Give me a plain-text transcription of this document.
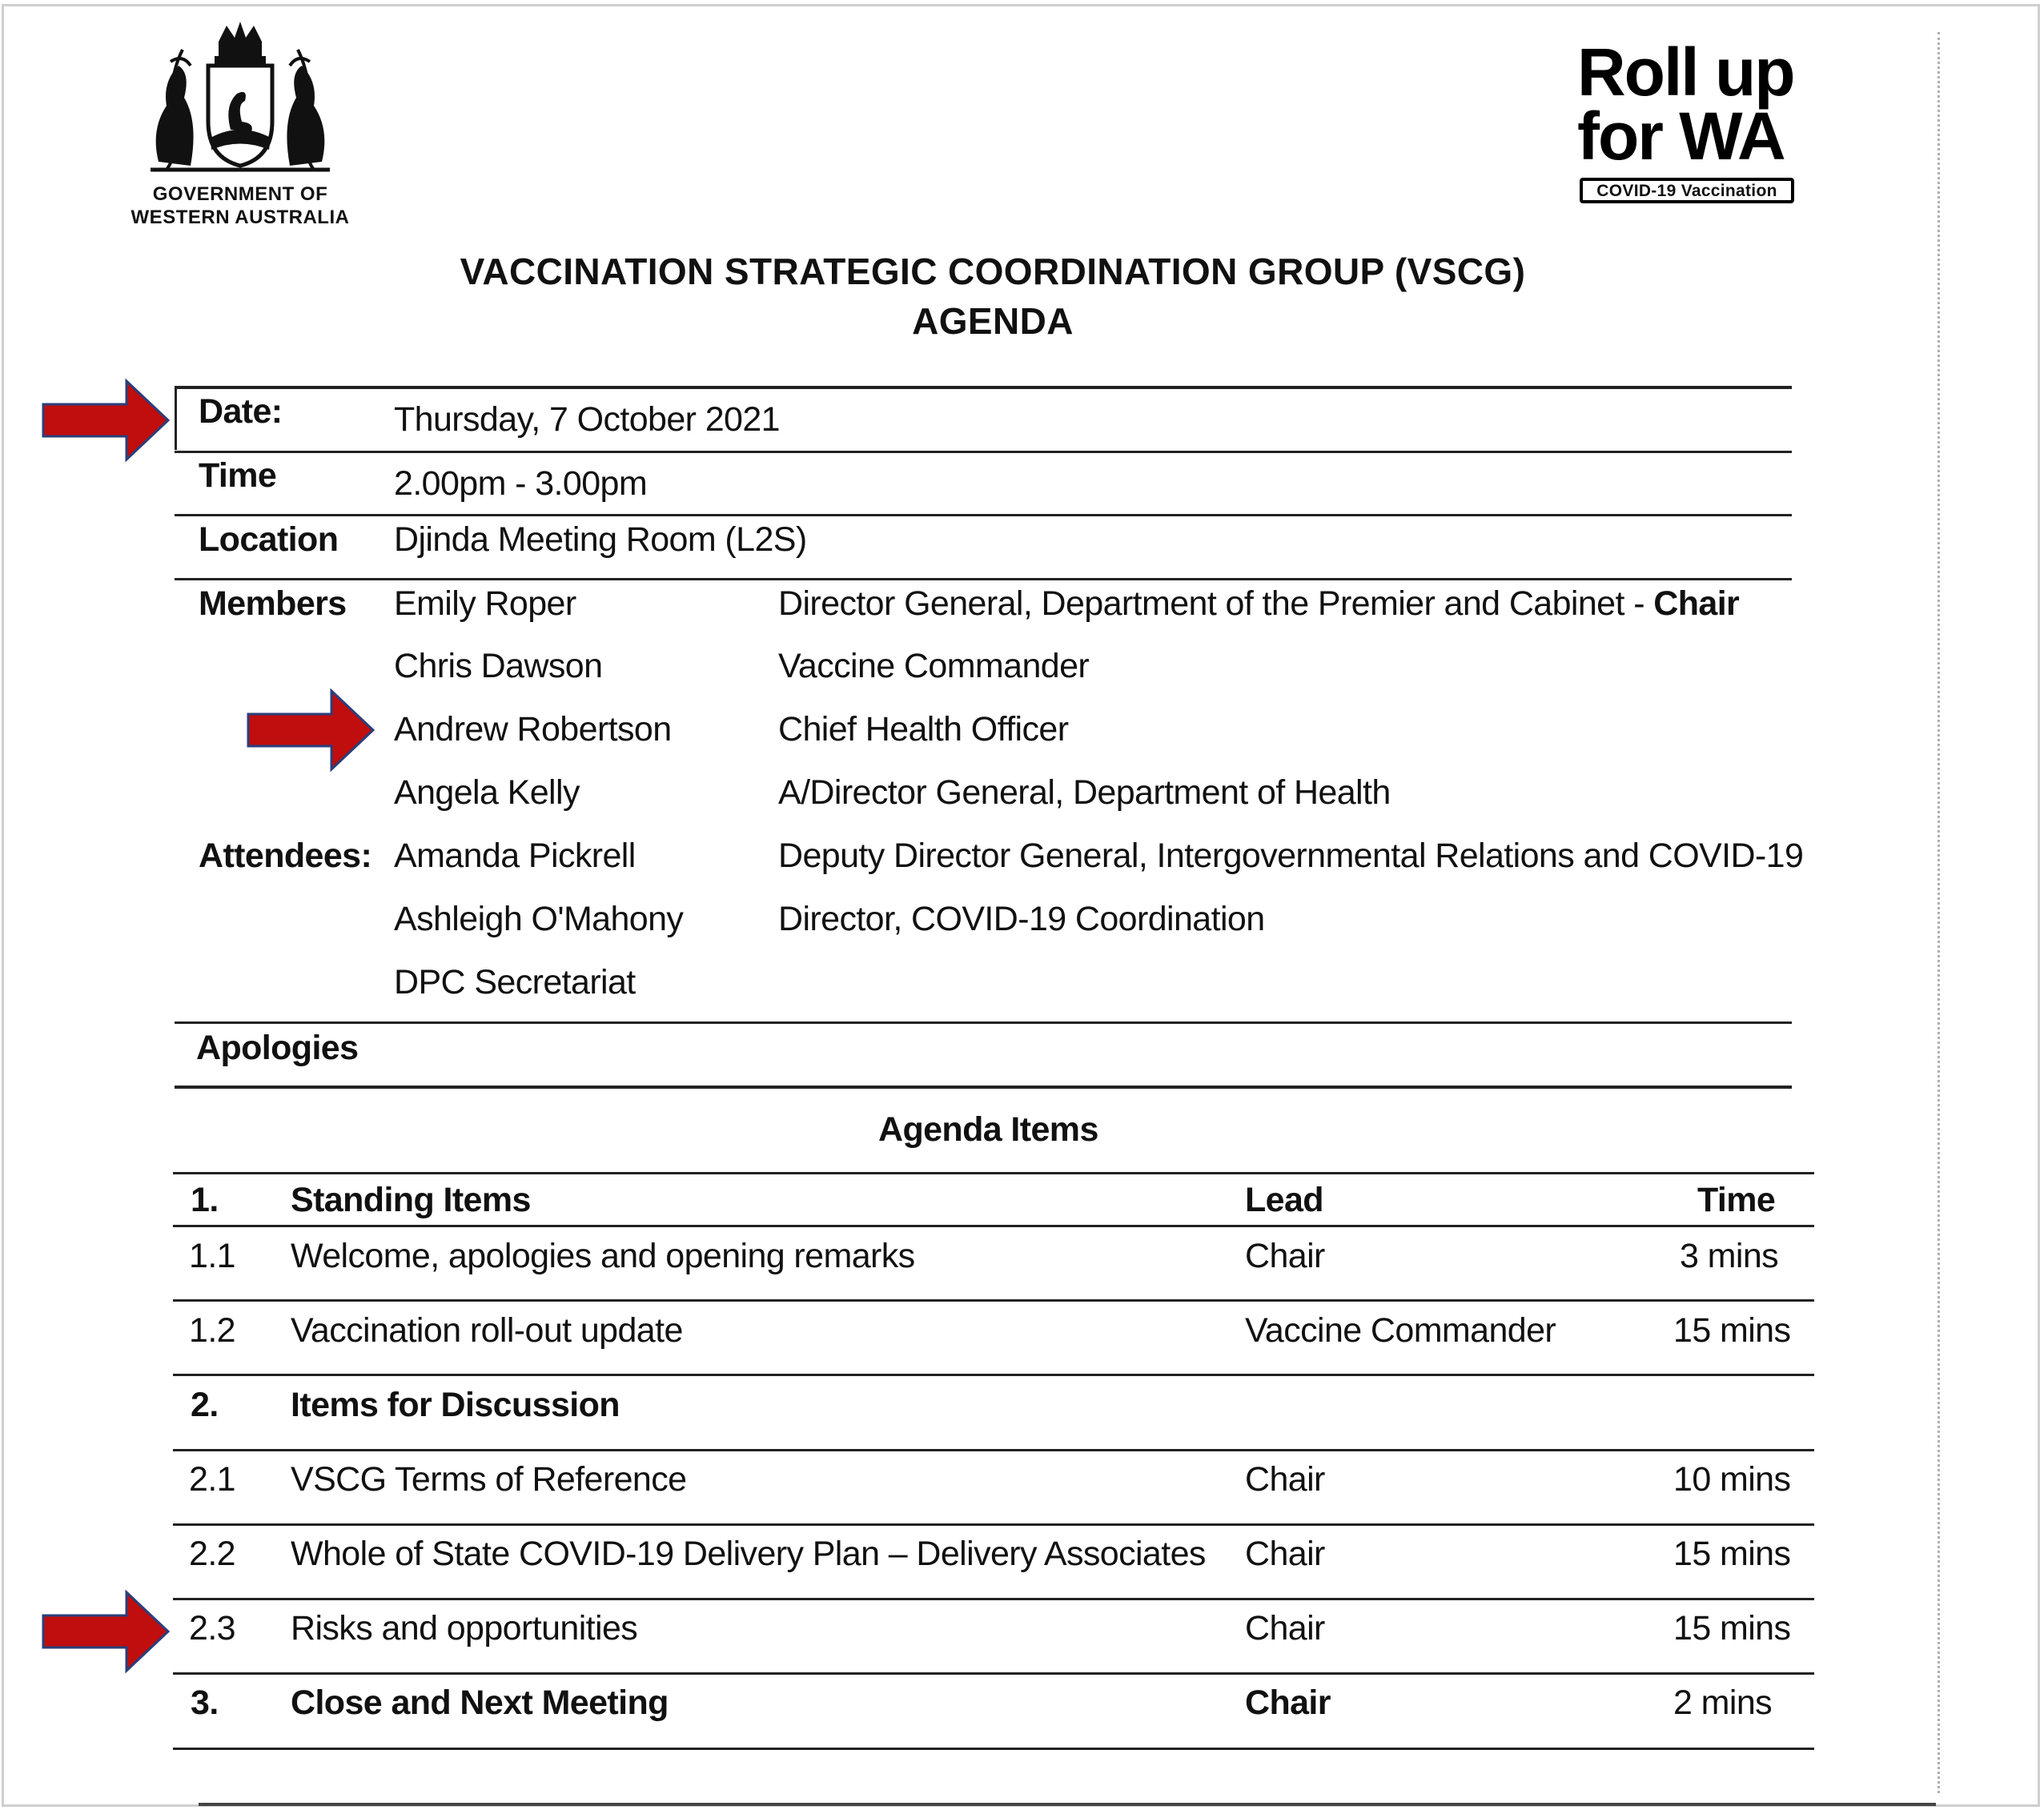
GOVERNMENT OF
WESTERN AUSTRALIA
Roll up
for WA
COVID-19 Vaccination
VACCINATION STRATEGIC COORDINATION GROUP (VSCG)
AGENDA
Date:	Thursday, 7 October 2021
Time	2.00pm - 3.00pm
Location Djinda Meeting Room (L2S)
Members Emily Roper	Director General, Department of the Premier and Cabinet - Chair
Chris Dawson	Vaccine Commander
Andrew Robertson	Chief Health Officer
Angela Kelly	A/Director General, Department of Health
Attendees: Amanda Pickrell	Deputy Director General, Intergovernmental Relations and COVID-19
Ashleigh O'Mahony	Director, COVID-19 Coordination
DPC Secretariat
Apologies
Agenda Items
1. Standing Items	Lead	Time
1.1 Welcome, apologies and opening remarks	Chair	3 mins
1.2 Vaccination roll-out update	Vaccine Commander	15 mins
2. Items for Discussion
2.1 VSCG Terms of Reference	Chair	10 mins
2.2 Whole of State COVID-19 Delivery Plan – Delivery Associates Chair	15 mins
2.3 Risks and opportunities	Chair	15 mins
3. Close and Next Meeting	Chair	2 mins
